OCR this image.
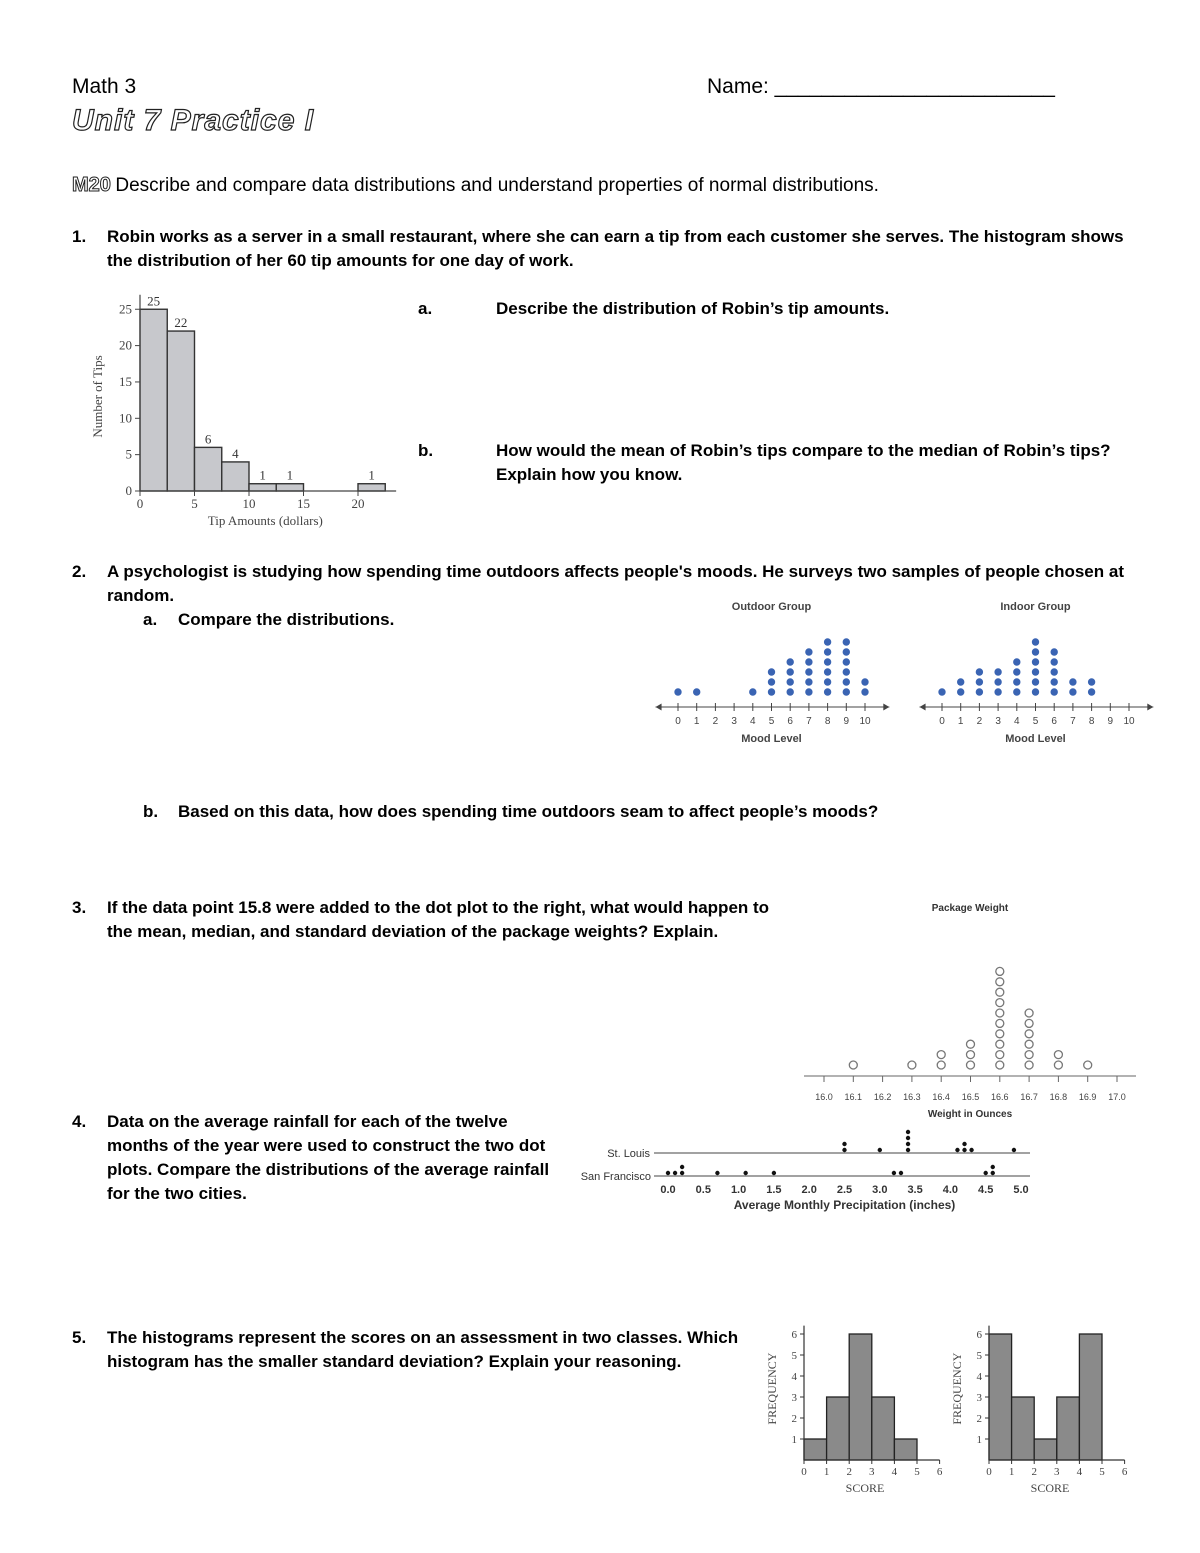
Math 3	Name: ________________________
Unit 7 Practice I
M20 Describe and compare data distributions and understand properties of normal distributions.
1. Robin works as a server in a small restaurant, where she can earn a tip from each customer she serves. The histogram shows
the distribution of her 60 tip amounts for one day of work.
a.	Describe the distribution of Robin’s tip amounts.
b.	How would the mean of Robin’s tips compare to the median of Robin’s tips?
Explain how you know.
25
22
6
4
1 1	1
0	5	10	15	20
0
5
10
15
20
25
Tip Amounts (dollars)
Number of Tips
2. A psychologist is studying how spending time outdoors affects people's moods. He surveys two samples of people chosen at
random.
a. Compare the distributions.
b. Based on this data, how does spending time outdoors seam to affect people’s moods?
Outdoor Group
0 1 2 3 4 5 6 7 8 9 10
Mood Level
Indoor Group
0 1 2 3 4 5 6 7 8 9 10
Mood Level
3. If the data point 15.8 were added to the dot plot to the right, what would happen to
the mean, median, and standard deviation of the package weights? Explain.
Package Weight
16.0 16.1 16.2 16.3 16.4 16.5 16.6 16.7 16.8 16.9 17.0
Weight in Ounces
4. Data on the average rainfall for each of the twelve
months of the year were used to construct the two dot
plots. Compare the distributions of the average rainfall
for the two cities.
St. Louis
San Francisco
0.0 0.5 1.0 1.5 2.0 2.5 3.0 3.5 4.0 4.5 5.0
Average Monthly Precipitation (inches)
5. The histograms represent the scores on an assessment in two classes. Which
histogram has the smaller standard deviation? Explain your reasoning.
0 1 2 3 4 5 6
1
2
3
4
5
6
SCORE
FREQUENCY
0 1 2 3 4 5 6
1
2
3
4
5
6
SCORE
FREQUENCY
